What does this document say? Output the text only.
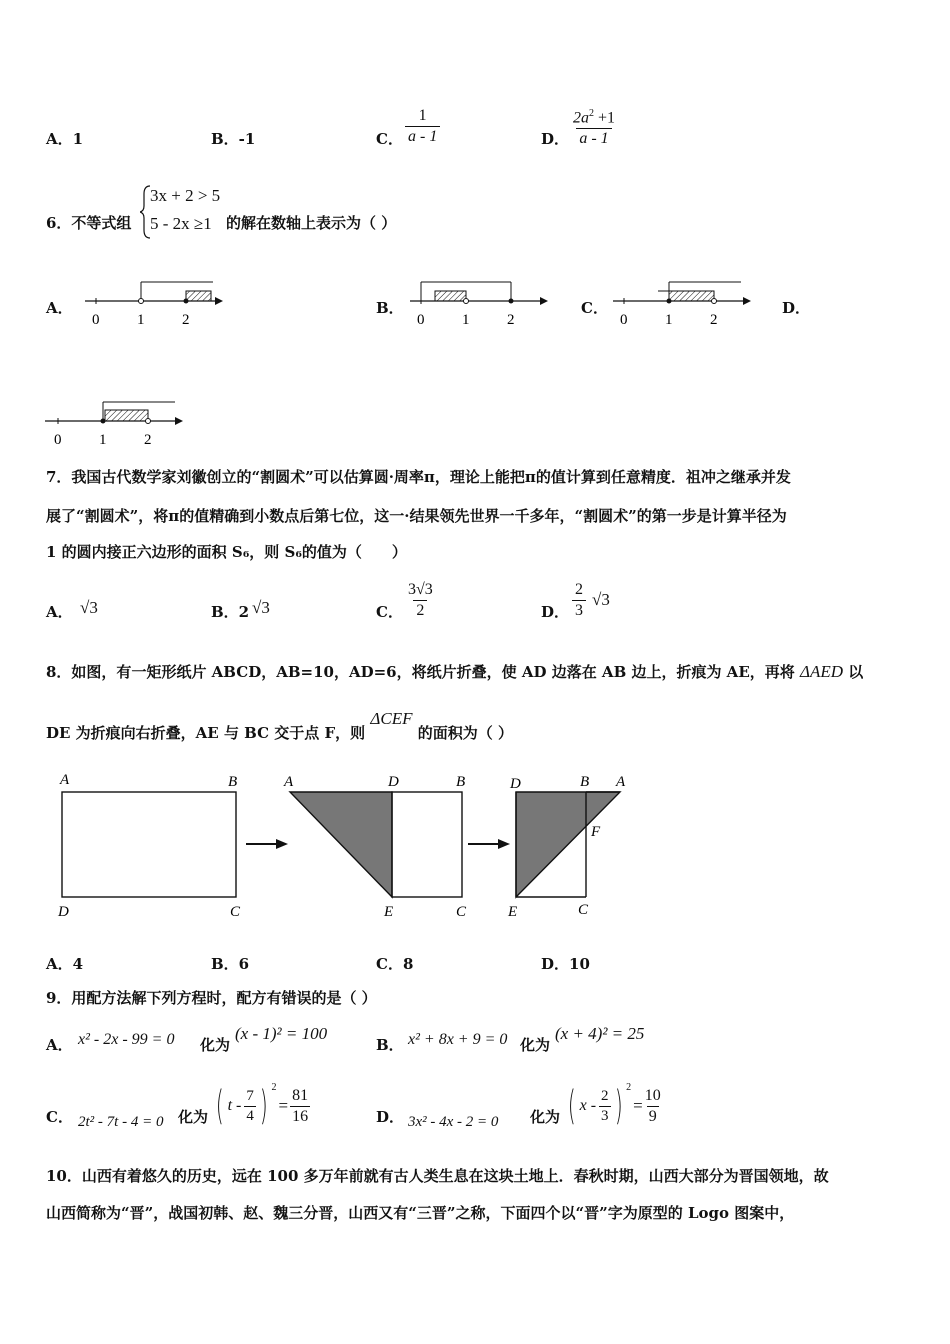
A．1	B．-1	C． $\frac{1}{a - 1}$	D． $\frac{2a^2 +1}{a - 1}$
6．不等式组
3x + 2 > 5
5 - 2x ≥1 的解在数轴上表示为（ ）
A．
0	1	2
B．
0	1	2
C．
0	1	2
D．
0	1	2
7．我国古代数学家刘徽创立的“割圆术”可以估算圆·周率π，理论上能把π的值计算到任意精度．祖冲之继承并发
展了“割圆术”，将π的值精确到小数点后第七位，这一·结果领先世界一千多年，“割圆术”的第一步是计算半径为
1 的圆内接正六边形的面积 S₆，则 S₆的值为（　　）
A． √3	B．2 √3	C． $\frac{3√3}{2}$	D． $\frac{2}{3} √3$
8．如图，有一矩形纸片 ABCD，AB=10，AD=6，将纸片折叠，使 AD 边落在 AB 边上，折痕为 AE，再将 ΔAED 以
DE 为折痕向右折叠，AE 与 BC 交于点 F，则 ΔCEF 的面积为（ ）
A	B
D	C
A	D	B
E	C
D	B A
F
E	C
A．4	B．6	C．8	D．10
9．用配方法解下列方程时，配方有错误的是（ ）
A． x² - 2x - 99 = 0 化为
(x - 1)² = 100
B． x² + 8x + 9 = 0 化为
(x + 4)² = 25
C． 2t² - 7t - 4 = 0 化为 ( t - $\frac{7}{4}$ ) $^2$
= $\frac{81}{16}$	D． 3x² - 4x - 2 = 0 化为 ( x - $\frac{2}{3}$ ) $^2$
= $\frac{10}{9}$
10．山西有着悠久的历史，远在 100 多万年前就有古人类生息在这块土地上．春秋时期，山西大部分为晋国领地，故
山西简称为“晋”，战国初韩、赵、魏三分晋，山西又有“三晋”之称，下面四个以“晋”字为原型的 Logo 图案中，
